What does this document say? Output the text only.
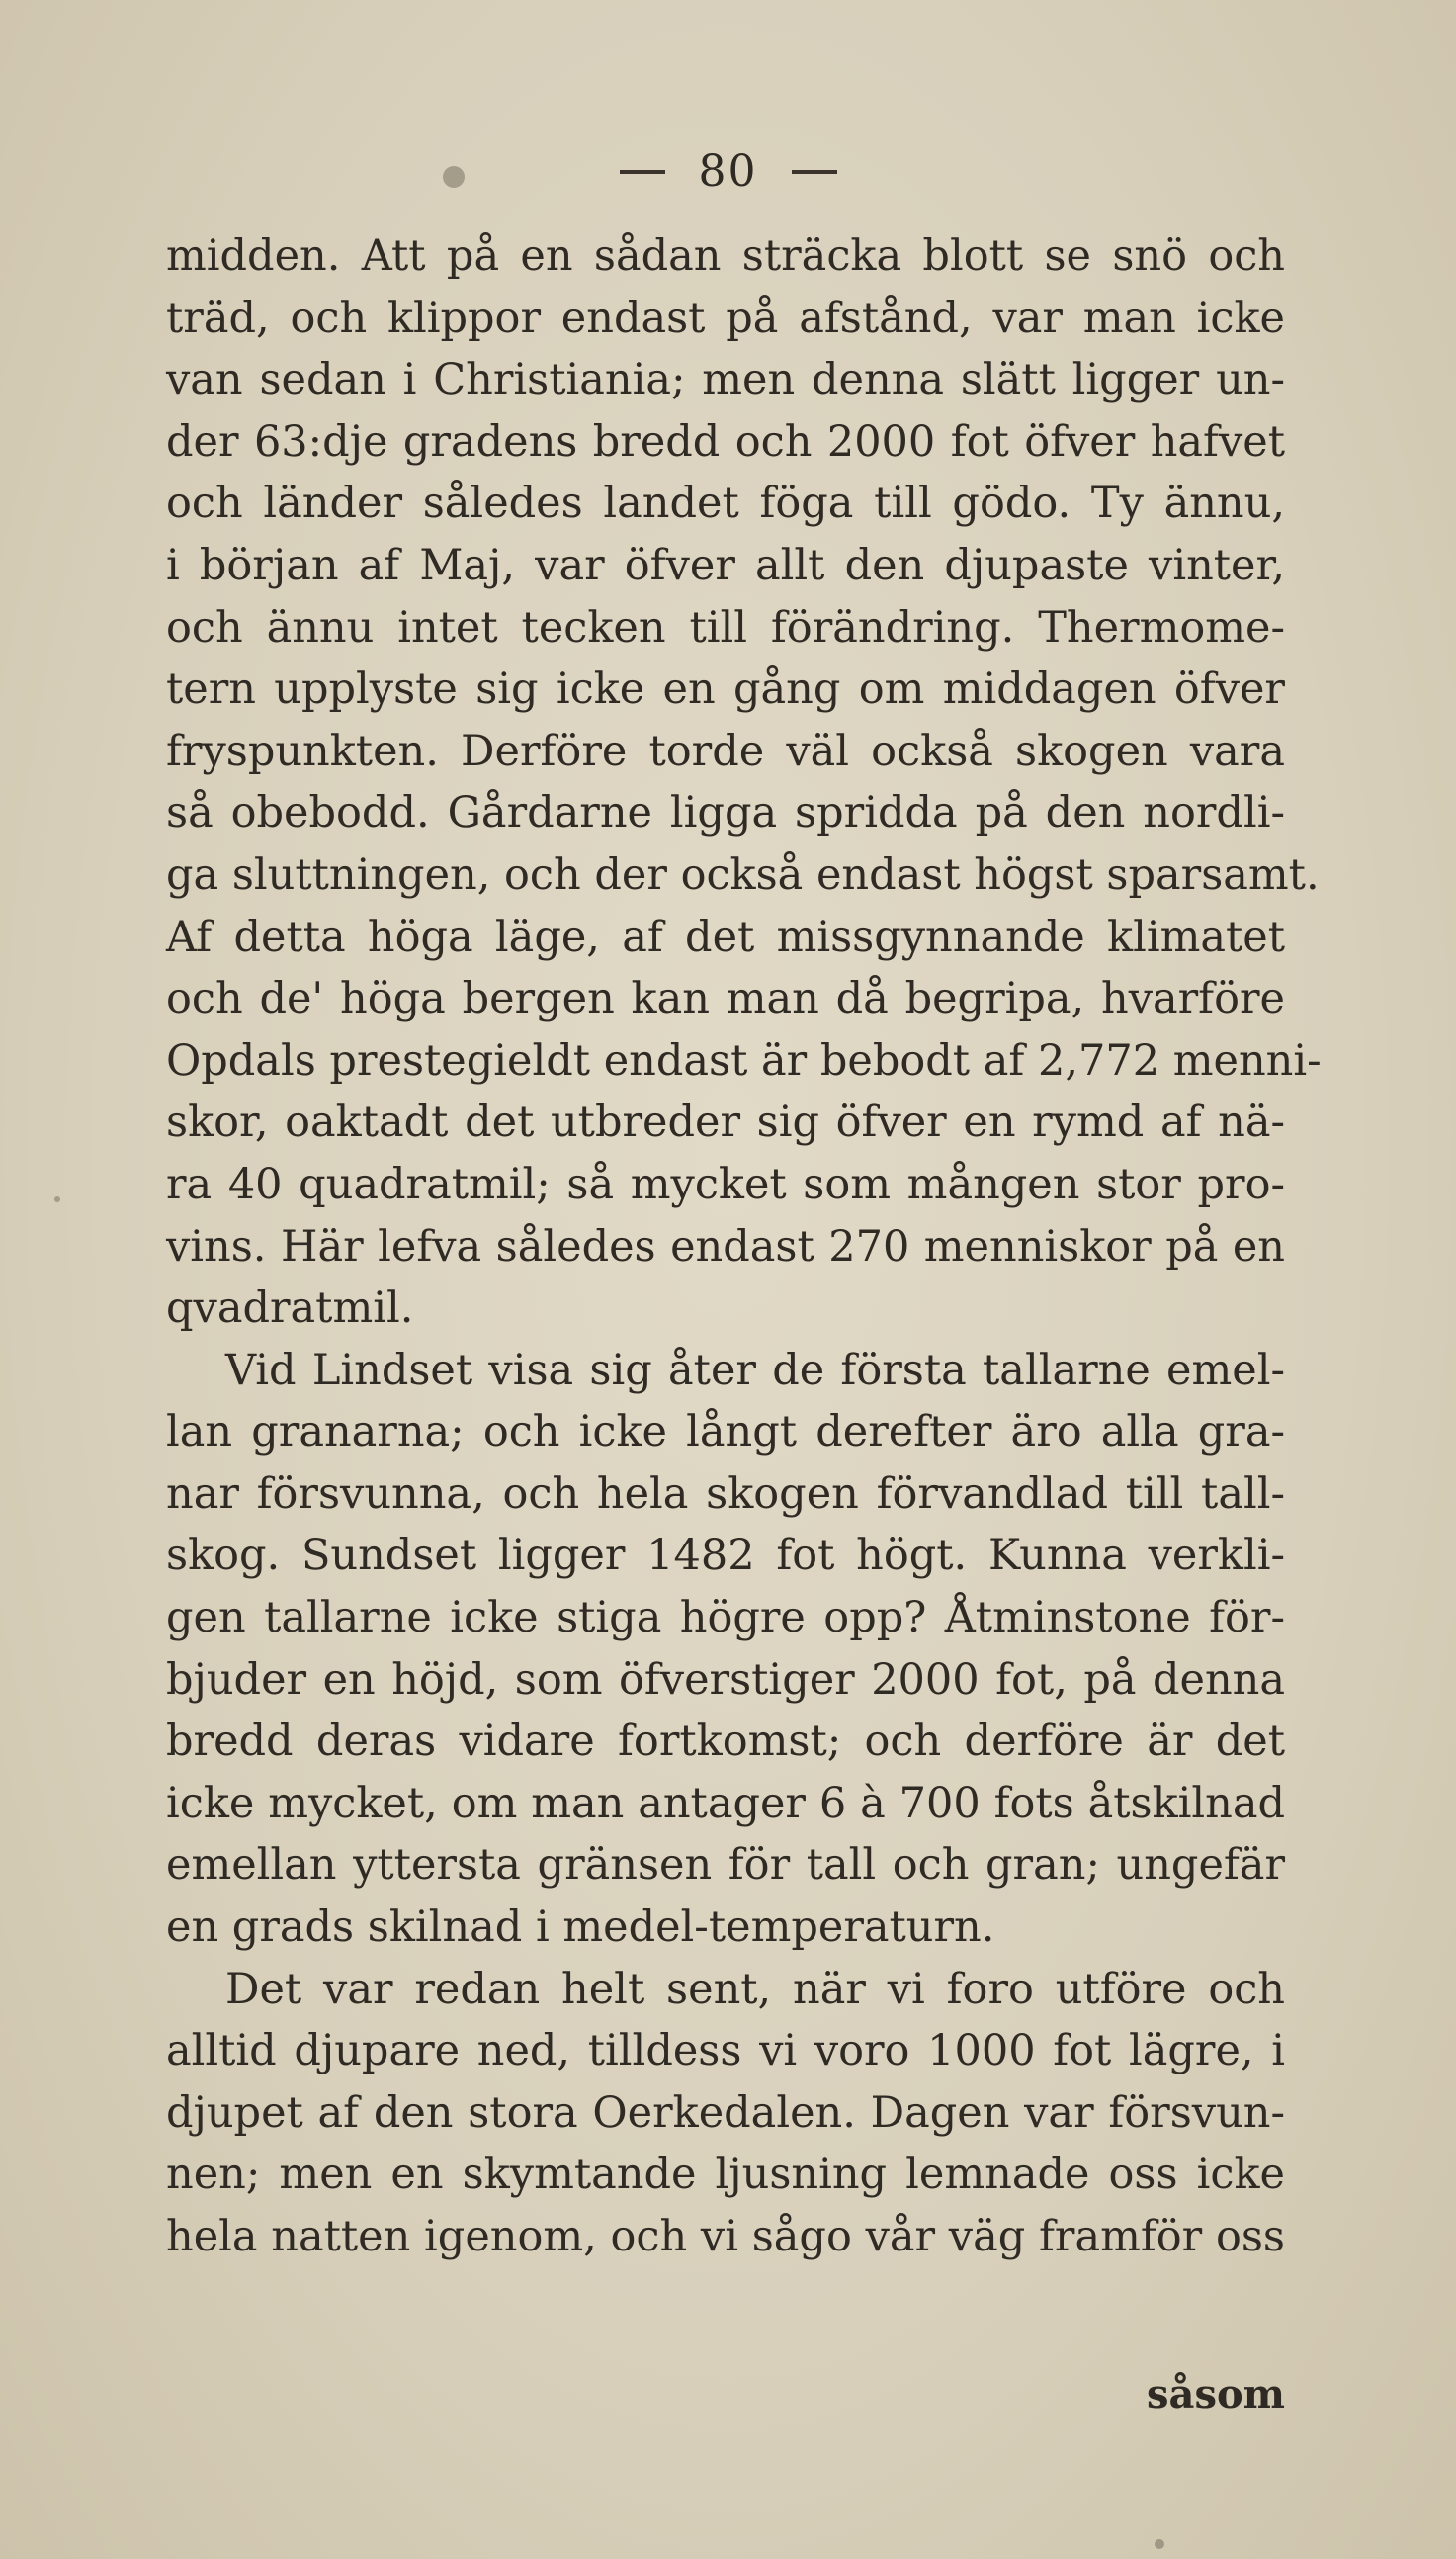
80
midden. Att på en sådan sträcka blott se snö och
träd, och klippor endast på afstånd, var man icke
van sedan i Christiania; men denna slätt ligger un-
der 63:dje gradens bredd och 2000 fot öfver hafvet
och länder således landet föga till gödo. Ty ännu,
i början af Maj, var öfver allt den djupaste vinter,
och ännu intet tecken till förändring. Thermome-
tern upplyste sig icke en gång om middagen öfver
fryspunkten. Derföre torde väl också skogen vara
så obebodd. Gårdarne ligga spridda på den nordli-
ga sluttningen, och der också endast högst sparsamt.
Af detta höga läge, af det missgynnande klimatet
och de' höga bergen kan man då begripa, hvarföre
Opdals prestegieldt endast är bebodt af 2,772 menni-
skor, oaktadt det utbreder sig öfver en rymd af nä-
ra 40 quadratmil; så mycket som mången stor pro-
vins. Här lefva således endast 270 menniskor på en
qvadratmil.
Vid Lindset visa sig åter de första tallarne emel-
lan granarna; och icke långt derefter äro alla gra-
nar försvunna, och hela skogen förvandlad till tall-
skog. Sundset ligger 1482 fot högt. Kunna verkli-
gen tallarne icke stiga högre opp? Åtminstone för-
bjuder en höjd, som öfverstiger 2000 fot, på denna
bredd deras vidare fortkomst; och derföre är det
icke mycket, om man antager 6 à 700 fots åtskilnad
emellan yttersta gränsen för tall och gran; ungefär
en grads skilnad i medel-temperaturn.
Det var redan helt sent, när vi foro utföre och
alltid djupare ned, tilldess vi voro 1000 fot lägre, i
djupet af den stora Oerkedalen. Dagen var försvun-
nen; men en skymtande ljusning lemnade oss icke
hela natten igenom, och vi sågo vår väg framför oss
såsom
